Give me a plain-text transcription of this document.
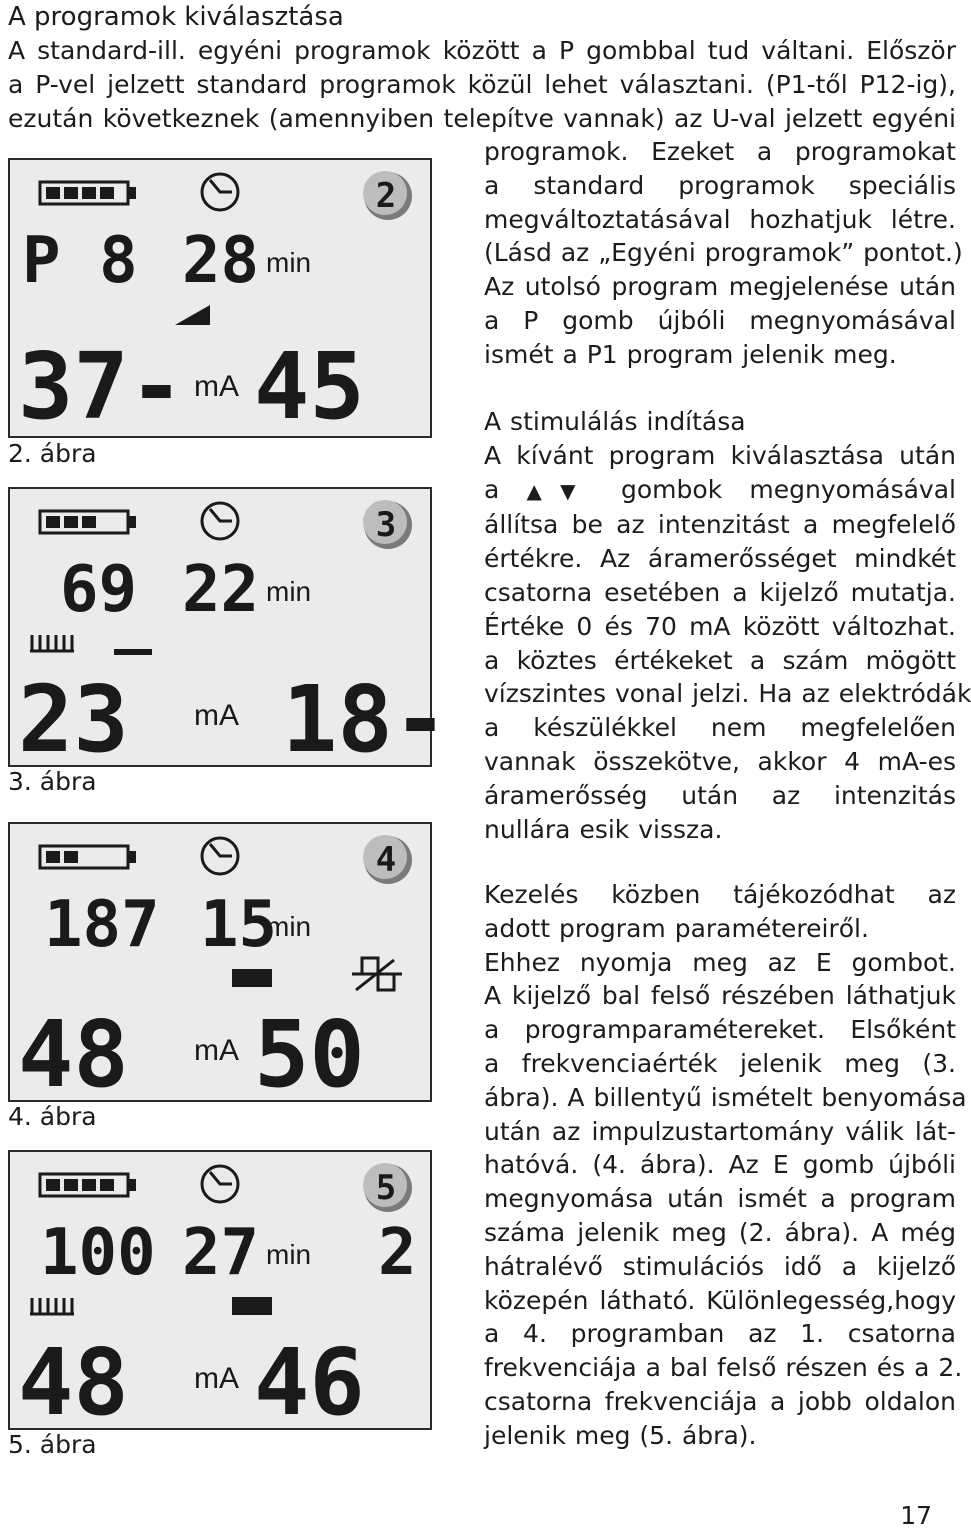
A programok kiválasztása
A standard-ill. egyéni programok között a P gombbal tud váltani. Először
a P-vel jelzett standard programok közül lehet választani. (P1-től P12-ig),
ezután következnek (amennyiben telepítve vannak) az U-val jelzett egyéni
programok. Ezeket a programokat
a standard programok speciális
megváltoztatásával hozhatjuk létre.
(Lásd az „Egyéni programok” pontot.)
Az utolsó program megjelenése után
a P gomb újbóli megnyomásával
ismét a P1 program jelenik meg.
A stimulálás indítása
A kívánt program kiválasztása után
a ▲▼ gombok megnyomásával
állítsa be az intenzitást a megfelelő
értékre. Az áramerősséget mindkét
csatorna esetében a kijelző mutatja.
Értéke 0 és 70 mA között változhat.
a köztes értékeket a szám mögött
vízszintes vonal jelzi. Ha az elektródák
a készülékkel nem megfelelően
vannak összekötve, akkor 4 mA-es
áramerősség után az intenzitás
nullára esik vissza.
Kezelés közben tájékozódhat az
adott program paramétereiről.
Ehhez nyomja meg az E gombot.
A kijelző bal felső részében láthatjuk
a programparamétereket. Elsőként
a frekvenciaérték jelenik meg (3.
ábra). A billentyű ismételt benyomása
után az impulzustartomány válik lát-
hatóvá. (4. ábra). Az E gomb újbóli
megnyomása után ismét a program
száma jelenik meg (2. ábra). A még
hátralévő stimulációs idő a kijelző
közepén látható. Különlegesség,hogy
a 4. programban az 1. csatorna
frekvenciája a bal felső részen és a 2.
csatorna frekvenciája a jobb oldalon
jelenik meg (5. ábra).
2
P 8 28 min
37- mA 45
2. ábra
3
69 22 min
23 mA 18-
3. ábra
4
187 15
min
48 mA 50
4. ábra
5
100 27 min 2
48 mA 46
5. ábra
17
